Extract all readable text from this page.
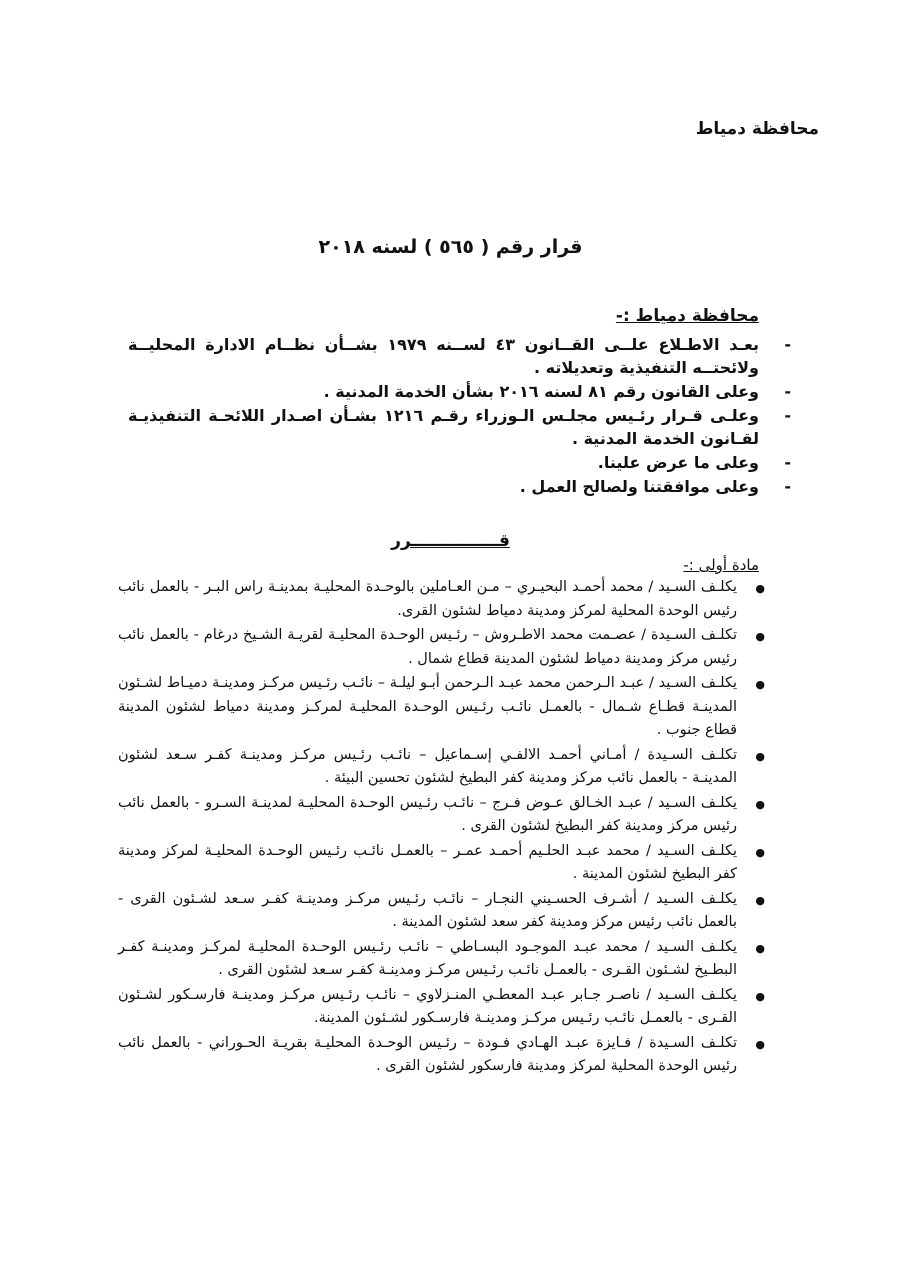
محافظة دمياط
قرار رقم ( ٥٦٥ ) لسنه ٢٠١٨
محافظة دمياط :-
- بعـد الاطـلاع علــى القــانون ٤٣ لســنه ١٩٧٩ بشــأن نظــام الادارة المحليــة ولائحتــه التنفيذية وتعديلاته .
- وعلى القانون رقم ٨١ لسنه ٢٠١٦ بشأن الخدمة المدنية .
- وعلـى قـرار رئـيس مجلـس الـوزراء رقـم ١٢١٦ بشـأن اصـدار اللائحـة التنفيذيـة لقـانون الخدمة المدنية .
- وعلى ما عرض علينا.
- وعلى موافقتنا ولصالح العمل .
قـــــــــــــــرر
مادة أولى :-
● يكلـف السـيد / محمد أحمـد البحيـري – مـن العـاملين بالوحـدة المحليـة بمدينـة راس البـر - بالعمل نائب رئيس الوحدة المحلية لمركز ومدينة دمياط لشئون القرى.
● تكلـف السـيدة / عصـمت محمد الاطـروش – رئـيس الوحـدة المحليـة لقريـة الشـيخ درغام - بالعمل نائب رئيس مركز ومدينة دمياط لشئون المدينة قطاع شمال .
● يكلـف السـيد / عبـد الـرحمن محمد عبـد الـرحمن أبـو ليلـة – نائـب رئـيس مركـز ومدينـة دميـاط لشـئون المدينـة قطـاع شـمال - بالعمـل نائـب رئـيس الوحـدة المحليـة لمركـز ومدينة دمياط لشئون المدينة قطاع جنوب .
● تكلـف السـيدة / أمـاني أحمـد الالفـي إسـماعيل – نائـب رئـيس مركـز ومدينـة كفـر سـعد لشئون المدينـة - بالعمل نائب مركز ومدينة كفر البطيخ لشئون تحسين البيئة .
● يكلـف السـيد / عبـد الخـالق عـوض فـرج – نائـب رئـيس الوحـدة المحليـة لمدينـة السـرو - بالعمل نائب رئيس مركز ومدينة كفر البطيخ لشئون القرى .
● يكلـف السـيد / محمد عبـد الحلـيم أحمـد عمـر – بالعمـل نائـب رئـيس الوحـدة المحليـة لمركز ومدينة كفر البطيخ لشئون المدينة .
● يكلـف السـيد / أشـرف الحسـيني النجـار – نائـب رئـيس مركـز ومدينـة كفـر سـعد لشـئون القرى - بالعمل نائب رئيس مركز ومدينة كفر سعد لشئون المدينة .
● يكلـف السـيد / محمد عبـد الموجـود البسـاطي – نائـب رئـيس الوحـدة المحليـة لمركـز ومدينـة كفـر البطـيخ لشـئون القـرى - بالعمـل نائـب رئـيس مركـز ومدينـة كفـر سـعد لشئون القرى .
● يكلـف السـيد / ناصـر جـابر عبـد المعطـي المنـزلاوي – نائـب رئـيس مركـز ومدينـة فارسـكور لشـئون القـرى - بالعمـل نائـب رئـيس مركـز ومدينـة فارسـكور لشـئون المدينة.
● تكلـف السـيدة / فـايزة عبـد الهـادي فـودة – رئـيس الوحـدة المحليـة بقريـة الحـوراني - بالعمل نائب رئيس الوحدة المحلية لمركز ومدينة فارسكور لشئون القرى .
